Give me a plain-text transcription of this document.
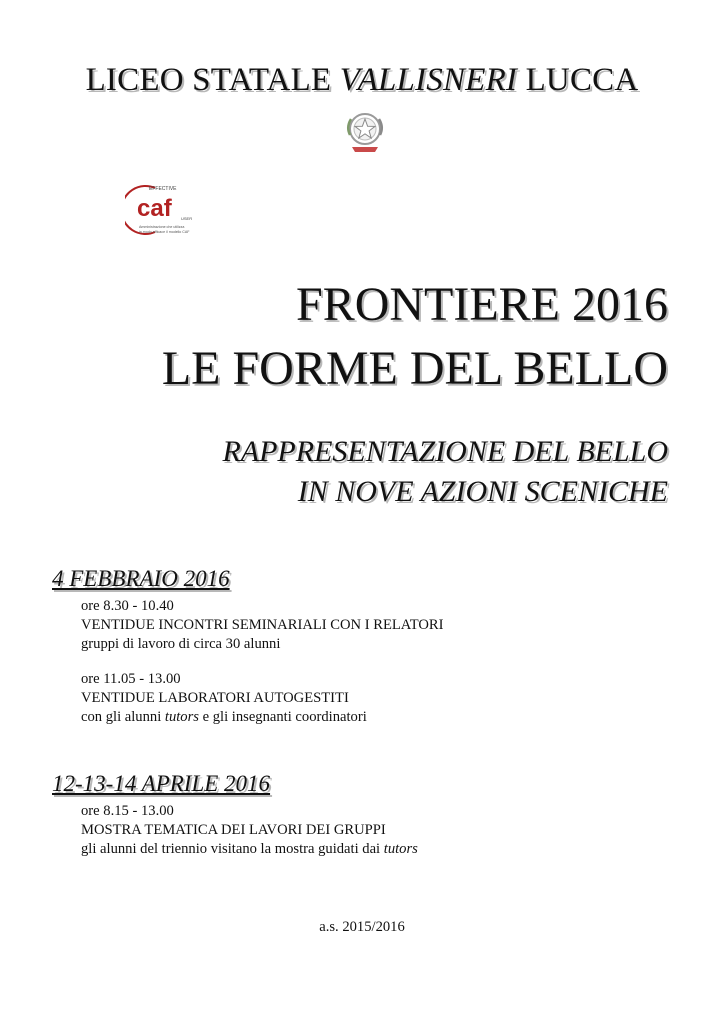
LICEO STATALE VALLISNERI LUCCA
EFFECTIVE
caf USER
Amministrazione che utilizza
in modo efficace il modello CAF
FRONTIERE 2016
LE FORME DEL BELLO
RAPPRESENTAZIONE DEL BELLO
IN NOVE AZIONI SCENICHE
4 FEBBRAIO 2016
ore 8.30 - 10.40
VENTIDUE INCONTRI SEMINARIALI CON I RELATORI
gruppi di lavoro di circa 30 alunni
ore 11.05 - 13.00
VENTIDUE LABORATORI AUTOGESTITI
con gli alunni tutors e gli insegnanti coordinatori
12-13-14 APRILE 2016
ore 8.15 - 13.00
MOSTRA TEMATICA DEI LAVORI DEI GRUPPI
gli alunni del triennio visitano la mostra guidati dai tutors
a.s. 2015/2016
